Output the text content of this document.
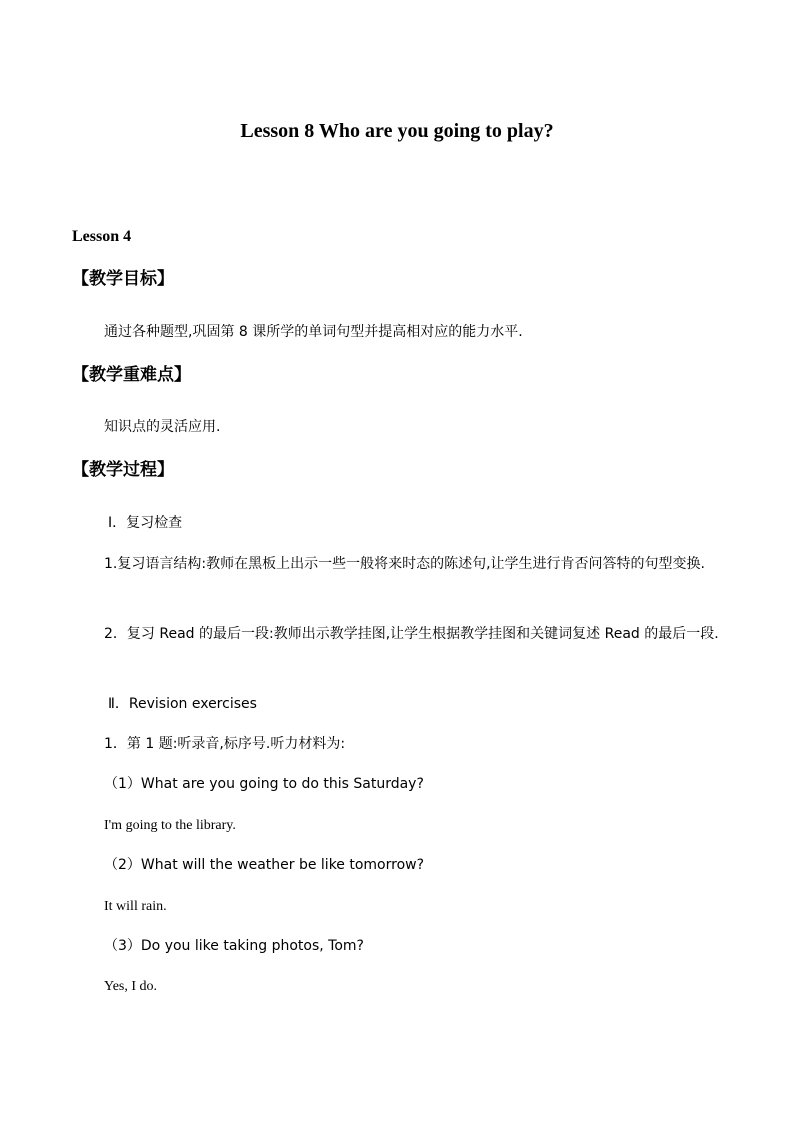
Lesson 8 Who are you going to play?
Lesson 4
【教学目标】
通过各种题型,巩固第 8 课所学的单词句型并提高相对应的能力水平.
【教学重难点】
知识点的灵活应用.
【教学过程】
Ⅰ．复习检查
1.复习语言结构:教师在黑板上出示一些一般将来时态的陈述句,让学生进行肯否问答特的句型变换.
2．复习 Read 的最后一段:教师出示教学挂图,让学生根据教学挂图和关键词复述 Read 的最后一段.
Ⅱ．Revision exercises
1．第 1 题:听录音,标序号.听力材料为:
（1）What are you going to do this Saturday?
I'm going to the library.
（2）What will the weather be like tomorrow?
It will rain.
（3）Do you like taking photos, Tom?
Yes, I do.
